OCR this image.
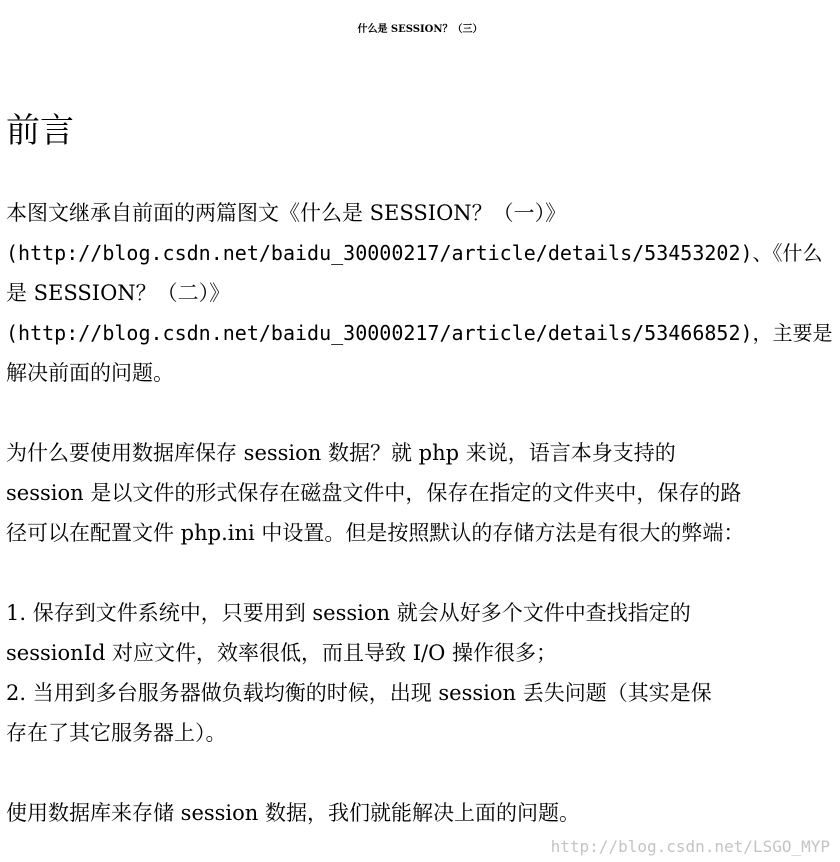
什么是 SESSION？（三）
前言
本图文继承自前面的两篇图文《什么是 SESSION？（一）》
(http://blog.csdn.net/baidu_30000217/article/details/53453202)、《什么
是 SESSION？（二）》
(http://blog.csdn.net/baidu_30000217/article/details/53466852)，主要是
解决前面的问题。
为什么要使用数据库保存 session 数据？就 php 来说，语言本身支持的
session 是以文件的形式保存在磁盘文件中，保存在指定的文件夹中，保存的路
径可以在配置文件 php.ini 中设置。但是按照默认的存储方法是有很大的弊端：
1. 保存到文件系统中，只要用到 session 就会从好多个文件中查找指定的
sessionId 对应文件，效率很低，而且导致 I/O 操作很多；
2. 当用到多台服务器做负载均衡的时候，出现 session 丢失问题（其实是保
存在了其它服务器上）。
使用数据库来存储 session 数据，我们就能解决上面的问题。
http://blog.csdn.net/LSGO_MYP
